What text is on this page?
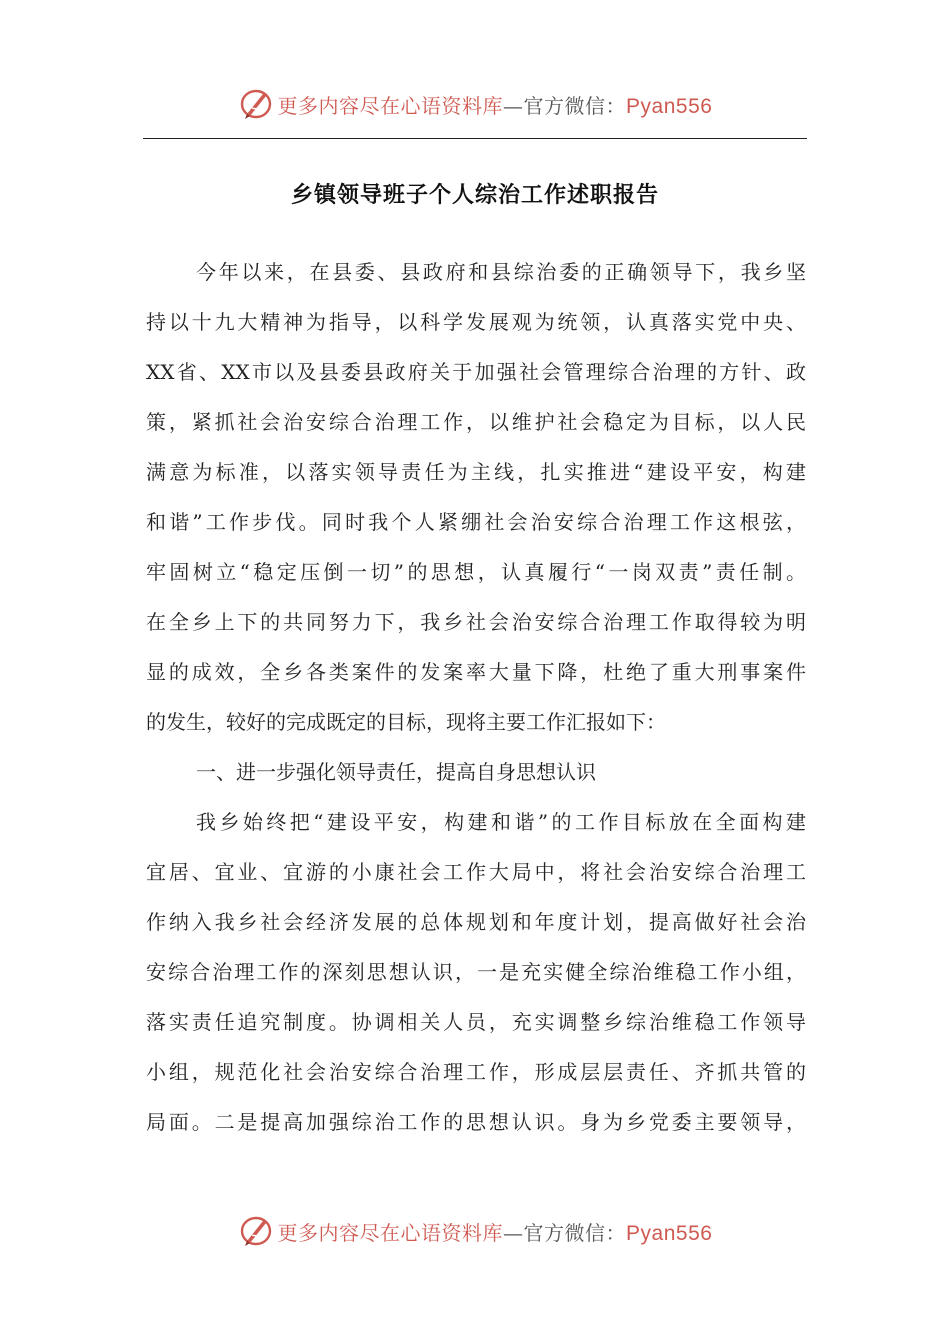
更多内容尽在心语资料库—官方微信：Pyan556
乡镇领导班子个人综治工作述职报告
今年以来，在县委、县政府和县综治委的正确领导下，我乡坚
持以十九大精神为指导，以科学发展观为统领，认真落实党中央、
XX省、XX市以及县委县政府关于加强社会管理综合治理的方针、政
策，紧抓社会治安综合治理工作，以维护社会稳定为目标，以人民
满意为标准，以落实领导责任为主线，扎实推进“建设平安，构建
和谐”工作步伐。同时我个人紧绷社会治安综合治理工作这根弦，
牢固树立“稳定压倒一切”的思想，认真履行“一岗双责”责任制。
在全乡上下的共同努力下，我乡社会治安综合治理工作取得较为明
显的成效，全乡各类案件的发案率大量下降，杜绝了重大刑事案件
的发生，较好的完成既定的目标，现将主要工作汇报如下：
一、进一步强化领导责任，提高自身思想认识
我乡始终把“建设平安，构建和谐”的工作目标放在全面构建
宜居、宜业、宜游的小康社会工作大局中，将社会治安综合治理工
作纳入我乡社会经济发展的总体规划和年度计划，提高做好社会治
安综合治理工作的深刻思想认识，一是充实健全综治维稳工作小组，
落实责任追究制度。协调相关人员，充实调整乡综治维稳工作领导
小组，规范化社会治安综合治理工作，形成层层责任、齐抓共管的
局面。二是提高加强综治工作的思想认识。身为乡党委主要领导，
更多内容尽在心语资料库—官方微信：Pyan556
